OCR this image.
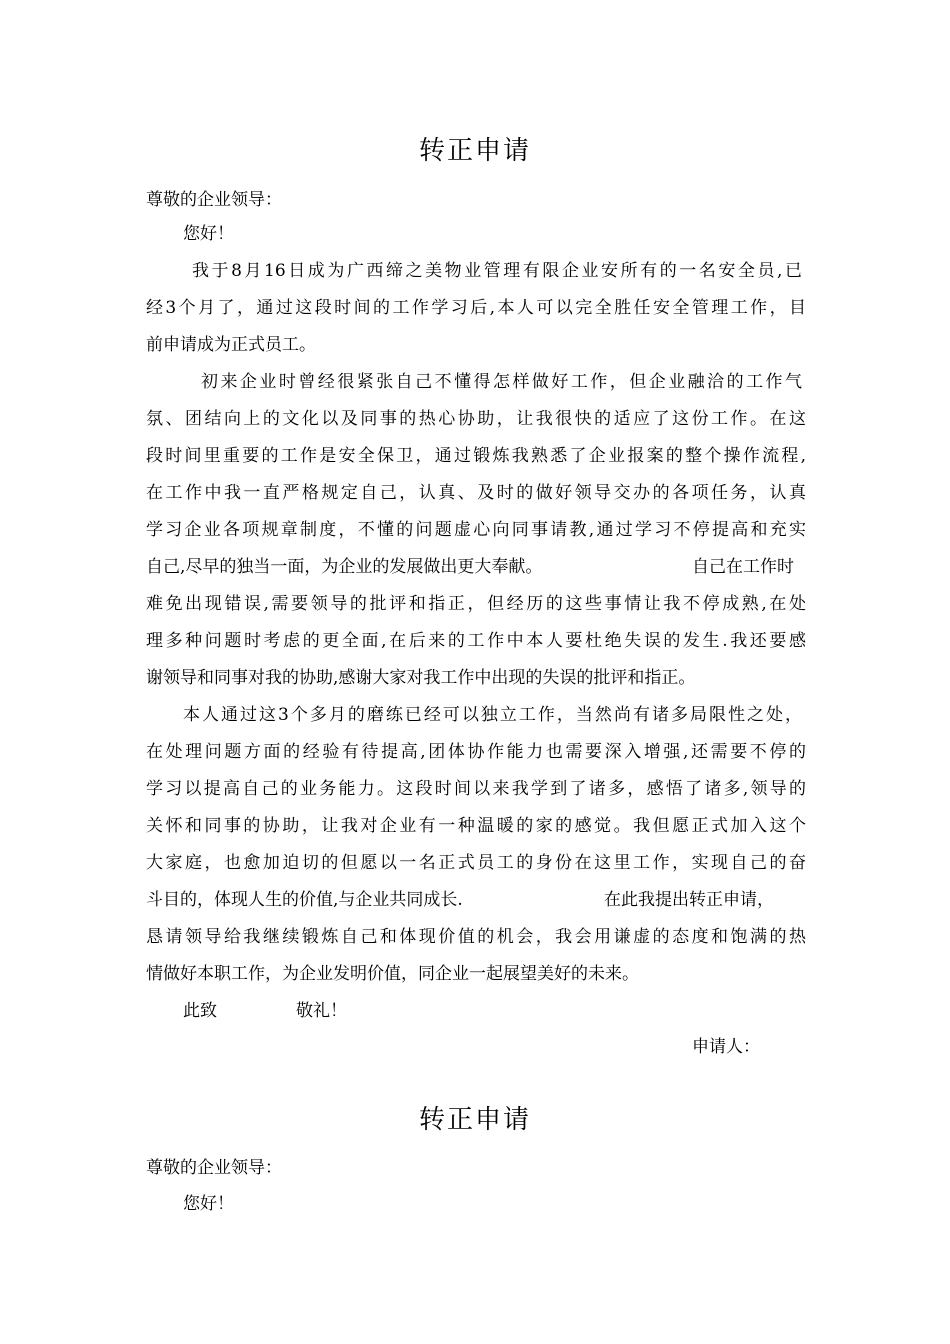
转正申请
尊敬的企业领导：
您好！
我于8月16日成为广西缔之美物业管理有限企业安所有的一名安全员,已
经3个月了，通过这段时间的工作学习后,本人可以完全胜任安全管理工作，目
前申请成为正式员工。
初来企业时曾经很紧张自己不懂得怎样做好工作，但企业融洽的工作气
氛、团结向上的文化以及同事的热心协助，让我很快的适应了这份工作。在这
段时间里重要的工作是安全保卫，通过锻炼我熟悉了企业报案的整个操作流程,
在工作中我一直严格规定自己，认真、及时的做好领导交办的各项任务，认真
学习企业各项规章制度，不懂的问题虚心向同事请教,通过学习不停提高和充实
自己,尽早的独当一面，为企业的发展做出更大奉献。	自己在工作时
难免出现错误,需要领导的批评和指正，但经历的这些事情让我不停成熟,在处
理多种问题时考虑的更全面,在后来的工作中本人要杜绝失误的发生.我还要感
谢领导和同事对我的协助,感谢大家对我工作中出现的失误的批评和指正。
本人通过这3个多月的磨练已经可以独立工作，当然尚有诸多局限性之处，
在处理问题方面的经验有待提高,团体协作能力也需要深入增强,还需要不停的
学习以提高自己的业务能力。这段时间以来我学到了诸多，感悟了诸多,领导的
关怀和同事的协助，让我对企业有一种温暖的家的感觉。我但愿正式加入这个
大家庭，也愈加迫切的但愿以一名正式员工的身份在这里工作，实现自己的奋
斗目的，体现人生的价值,与企业共同成长.	在此我提出转正申请，
恳请领导给我继续锻炼自己和体现价值的机会，我会用谦虚的态度和饱满的热
情做好本职工作，为企业发明价值，同企业一起展望美好的未来。
此致	敬礼！
申请人：
转正申请
尊敬的企业领导：
您好！
